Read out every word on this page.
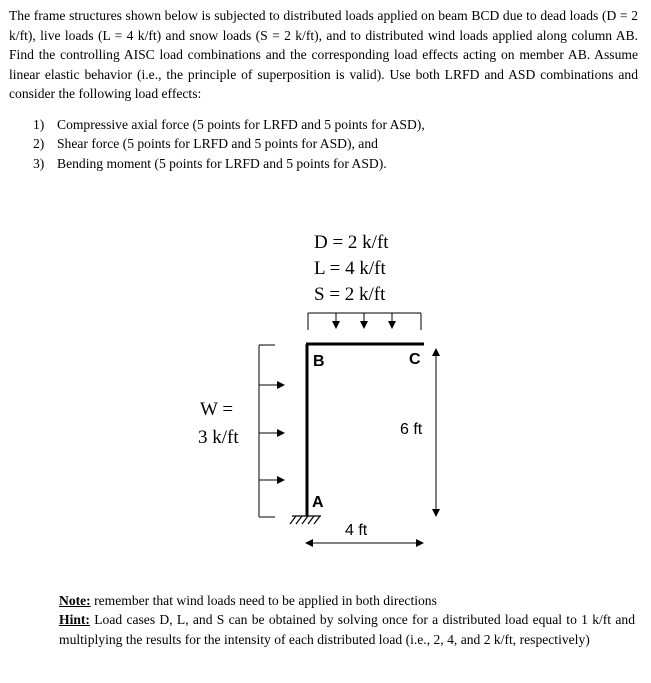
The frame structures shown below is subjected to distributed loads applied on beam BCD due to dead loads (D = 2 k/ft), live loads (L = 4 k/ft) and snow loads (S = 2 k/ft), and to distributed wind loads applied along column AB. Find the controlling AISC load combinations and the corresponding load effects acting on member AB. Assume linear elastic behavior (i.e., the principle of superposition is valid). Use both LRFD and ASD combinations and consider the following load effects:

1) Compressive axial force (5 points for LRFD and 5 points for ASD),
2) Shear force (5 points for LRFD and 5 points for ASD), and
3) Bending moment (5 points for LRFD and 5 points for ASD).
D = 2 k/ft
L = 4 k/ft
S = 2 k/ft
B	C
A
W =
3 k/ft	6 ft
4 ft
Note: remember that wind loads need to be applied in both directions
Hint: Load cases D, L, and S can be obtained by solving once for a distributed load equal to 1 k/ft and multiplying the results for the intensity of each distributed load (i.e., 2, 4, and 2 k/ft, respectively)
